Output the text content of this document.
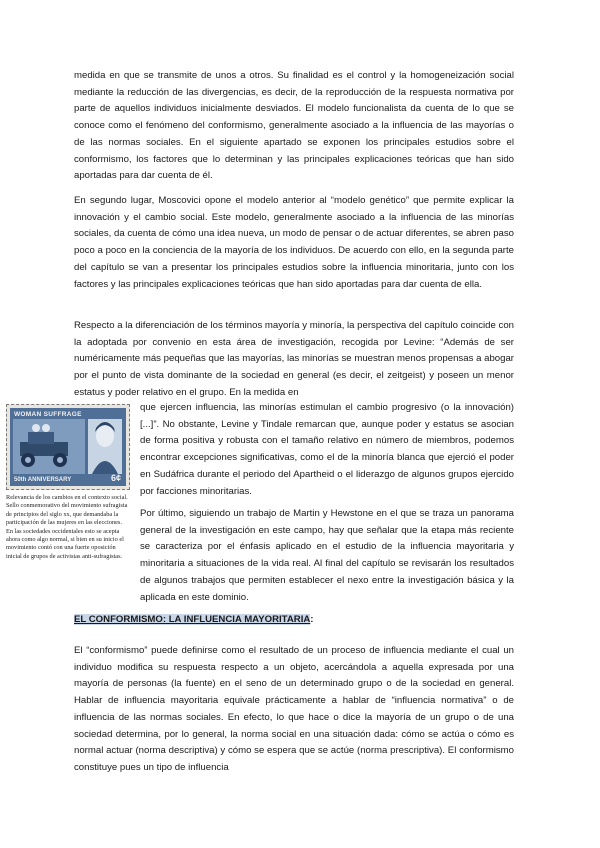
medida en que se transmite de unos a otros. Su finalidad es el control y la homogeneización social mediante la reducción de las divergencias, es decir, de la reproducción de la respuesta normativa por parte de aquellos individuos inicialmente desviados. El modelo funcionalista da cuenta de lo que se conoce como el fenómeno del conformismo, generalmente asociado a la influencia de las mayorías o de las normas sociales. En el siguiente apartado se exponen los principales estudios sobre el conformismo, los factores que lo determinan y las principales explicaciones teóricas que han sido aportadas para dar cuenta de él.

En segundo lugar, Moscovici opone el modelo anterior al “modelo genético” que permite explicar la innovación y el cambio social. Este modelo, generalmente asociado a la influencia de las minorías sociales, da cuenta de cómo una idea nueva, un modo de pensar o de actuar diferentes, se abren paso poco a poco en la conciencia de la mayoría de los individuos. De acuerdo con ello, en la segunda parte del capítulo se van a presentar los principales estudios sobre la influencia minoritaria, junto con los factores y las principales explicaciones teóricas que han sido aportadas para dar cuenta de ella.

Respecto a la diferenciación de los términos mayoría y minoría, la perspectiva del capítulo coincide con la adoptada por convenio en esta área de investigación, recogida por Levine: “Además de ser numéricamente más pequeñas que las mayorías, las minorías se muestran menos propensas a abogar por el punto de vista dominante de la sociedad en general (es decir, el zeitgeist) y poseen un menor estatus y poder relativo en el grupo. En la medida en

que ejercen influencia, las minorías estimulan el cambio progresivo (o la innovación) [...]”. No obstante, Levine y Tindale remarcan que, aunque poder y estatus se asocian de forma positiva y robusta con el tamaño relativo en número de miembros, podemos encontrar excepciones significativas, como el de la minoría blanca que ejerció el poder en Sudáfrica durante el periodo del Apartheid o el liderazgo de algunos grupos ejercido por facciones minoritarias.

WOMAN SUFFRAGE
50th ANNIVERSARY	6¢

Relevancia de los cambios en el contexto social. Sello conmemorativo del movimiento sufragista de principios del siglo xx, que demandaba la participación de las mujeres en las elecciones. En las sociedades occidentales esto se acepta ahora como algo normal, si bien en su inicio el movimiento contó con una fuerte oposición inicial de grupos de activistas anti-sufragistas.

Por último, siguiendo un trabajo de Martin y Hewstone en el que se traza un panorama general de la investigación en este campo, hay que señalar que la etapa más reciente se caracteriza por el énfasis aplicado en el estudio de la influencia mayoritaria y minoritaria a situaciones de la vida real. Al final del capítulo se revisarán los resultados de algunos trabajos que permiten establecer el nexo entre la investigación básica y la aplicada en este dominio.

EL CONFORMISMO: LA INFLUENCIA MAYORITARIA:

El “conformismo” puede definirse como el resultado de un proceso de influencia mediante el cual un individuo modifica su respuesta respecto a un objeto, acercándola a aquella expresada por una mayoría de personas (la fuente) en el seno de un determinado grupo o de la sociedad en general. Hablar de influencia mayoritaria equivale prácticamente a hablar de “influencia normativa” o de influencia de las normas sociales. En efecto, lo que hace o dice la mayoría de un grupo o de una sociedad determina, por lo general, la norma social en una situación dada: cómo se actúa o cómo es normal actuar (norma descriptiva) y cómo se espera que se actúe (norma prescriptiva). El conformismo constituye pues un tipo de influencia
